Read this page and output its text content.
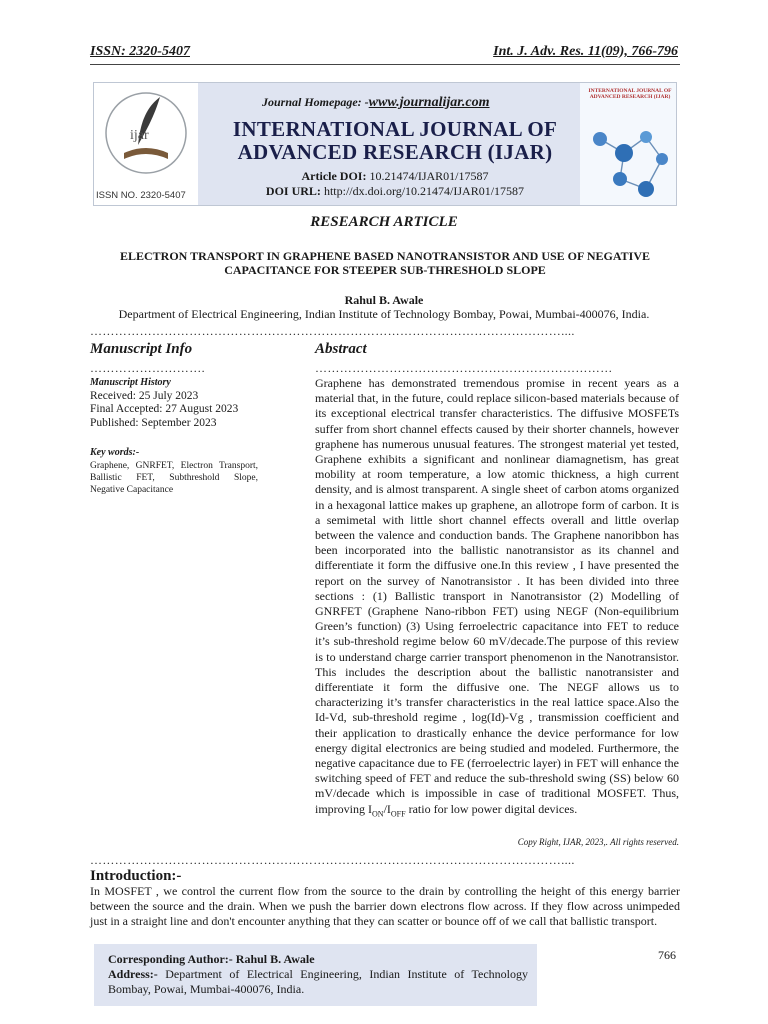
ISSN: 2320-5407	Int. J. Adv. Res. 11(09), 766-796
ijar
INTERNATIONAL JOURNAL OF ADVANCED RESEARCH (IJAR)
Journal Homepage: -www.journalijar.com
INTERNATIONAL JOURNAL OF
ADVANCED RESEARCH (IJAR)
Article DOI: 10.21474/IJAR01/17587
DOI URL: http://dx.doi.org/10.21474/IJAR01/17587
ISSN NO. 2320-5407
RESEARCH ARTICLE
ELECTRON TRANSPORT IN GRAPHENE BASED NANOTRANSISTOR AND USE OF NEGATIVE
CAPACITANCE FOR STEEPER SUB-THRESHOLD SLOPE
Rahul B. Awale
Department of Electrical Engineering, Indian Institute of Technology Bombay, Powai, Mumbai-400076, India.
……………………………………………………………………………………………………....
Manuscript Info
……………………….
Abstract
………………………………………………………………
Manuscript History
Received: 25 July 2023
Final Accepted: 27 August 2023
Published: September 2023
Key words:-
Graphene, GNRFET, Electron Transport, Ballistic FET, Subthreshold Slope, Negative Capacitance
Graphene has demonstrated tremendous promise in recent years as a material that, in the future, could replace silicon-based materials because of its exceptional electrical transfer characteristics. The diffusive MOSFETs suffer from short channel effects caused by their shorter channels, however graphene has numerous unusual features. The strongest material yet tested, Graphene exhibits a significant and nonlinear diamagnetism, has great mobility at room temperature, a low atomic thickness, a high current density, and is almost transparent. A single sheet of carbon atoms organized in a hexagonal lattice makes up graphene, an allotrope form of carbon. It is a semimetal with little short channel effects overall and little overlap between the valence and conduction bands. The Graphene nanoribbon has been incorporated into the ballistic nanotransistor as its channel and differentiate it form the diffusive one.In this review , I have presented the report on the survey of Nanotransistor . It has been divided into three sections : (1) Ballistic transport in Nanotransistor (2) Modelling of GNRFET (Graphene Nano-ribbon FET) using NEGF (Non-equilibrium Green’s function) (3) Using ferroelectric capacitance into FET to reduce it’s sub-threshold regime below 60 mV/decade.The purpose of this review is to understand charge carrier transport phenomenon in the Nanotransistor. This includes the description about the ballistic nanotransister and differentiate it form the diffusive one. The NEGF allows us to characterizing it’s transfer characteristics in the real lattice space.Also the Id-Vd, sub-threshold regime , log(Id)-Vg , transmission coefficient and their application to drastically enhance the device performance for low energy digital electronics are being studied and modeled. Furthermore, the negative capacitance due to FE (ferroelectric layer) in FET will enhance the switching speed of FET and reduce the sub-threshold swing (SS) below 60 mV/decade which is impossible in case of traditional MOSFET. Thus, improving $I_{ON}/I_{OFF}$ ratio for low power digital devices.
Copy Right, IJAR, 2023,. All rights reserved.
……………………………………………………………………………………………………....
Introduction:-
In MOSFET , we control the current flow from the source to the drain by controlling the height of this energy barrier between the source and the drain. When we push the barrier down electrons flow across. If they flow across unimpeded just in a straight line and don't encounter anything that they can scatter or bounce off of we call that ballistic transport.
Corresponding Author:- Rahul B. Awale
Address:- Department of Electrical Engineering, Indian Institute of Technology Bombay, Powai, Mumbai-400076, India.
766
